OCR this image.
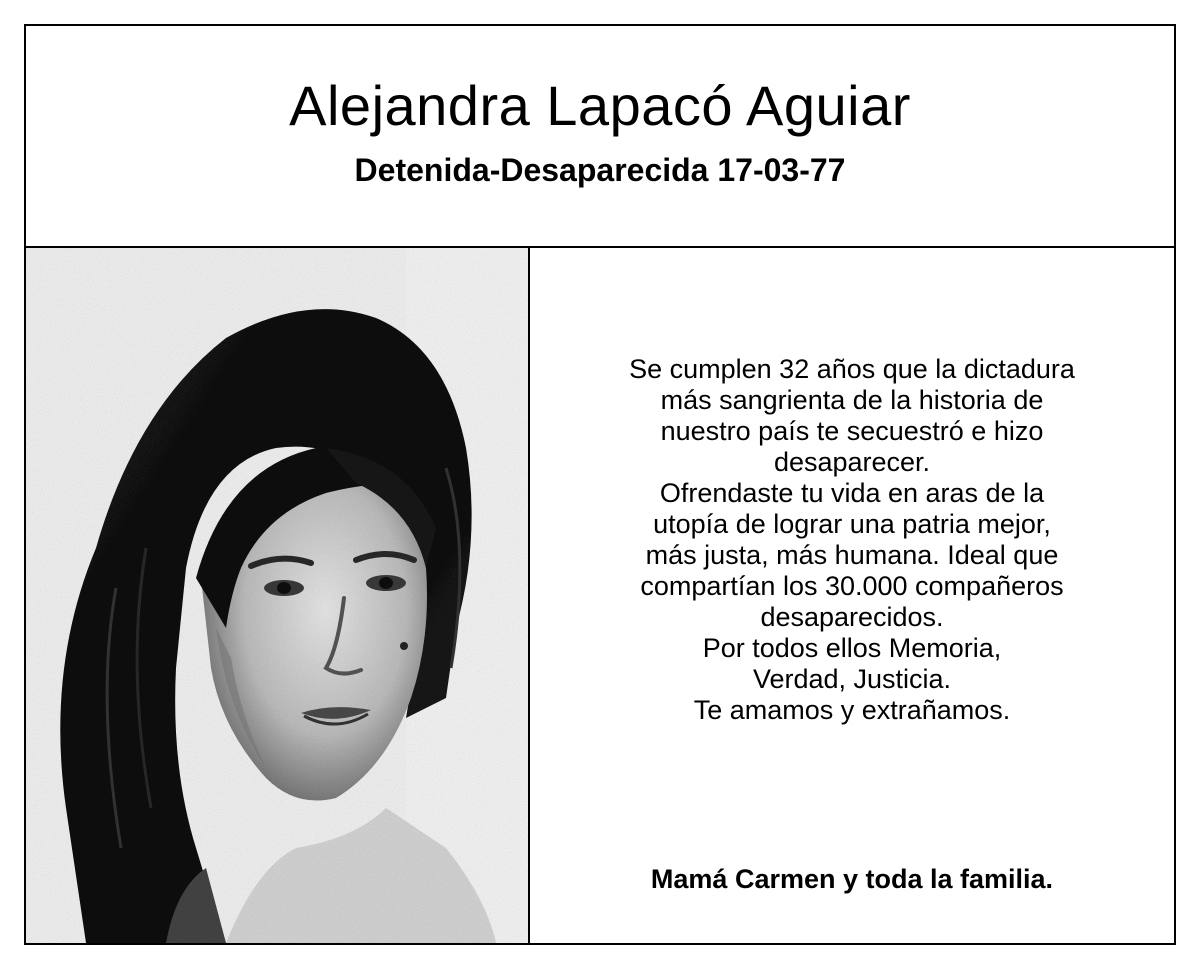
Alejandra Lapacó Aguiar
Detenida-Desaparecida 17-03-77
Se cumplen 32 años que la dictadura
más sangrienta de la historia de
nuestro país te secuestró e hizo
desaparecer.
Ofrendaste tu vida en aras de la
utopía de lograr una patria mejor,
más justa, más humana. Ideal que
compartían los 30.000 compañeros
desaparecidos.
Por todos ellos Memoria,
Verdad, Justicia.
Te amamos y extrañamos.
Mamá Carmen y toda la familia.
